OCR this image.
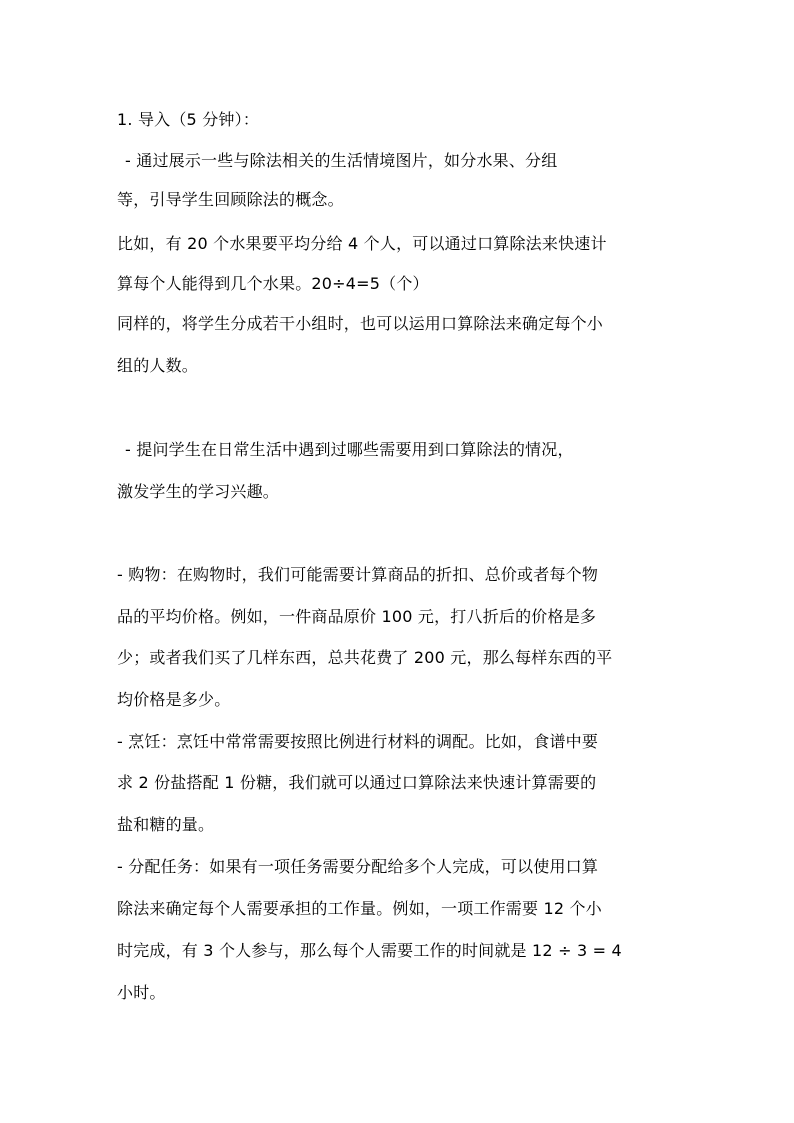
1. 导入（5 分钟）：
- 通过展示一些与除法相关的生活情境图片，如分水果、分组
等，引导学生回顾除法的概念。
比如，有 20 个水果要平均分给 4 个人，可以通过口算除法来快速计
算每个人能得到几个水果。20÷4=5（个）
同样的，将学生分成若干小组时，也可以运用口算除法来确定每个小
组的人数。
- 提问学生在日常生活中遇到过哪些需要用到口算除法的情况，
激发学生的学习兴趣。
- 购物：在购物时，我们可能需要计算商品的折扣、总价或者每个物
品的平均价格。例如，一件商品原价 100 元，打八折后的价格是多
少；或者我们买了几样东西，总共花费了 200 元，那么每样东西的平
均价格是多少。
- 烹饪：烹饪中常常需要按照比例进行材料的调配。比如，食谱中要
求 2 份盐搭配 1 份糖，我们就可以通过口算除法来快速计算需要的
盐和糖的量。
- 分配任务：如果有一项任务需要分配给多个人完成，可以使用口算
除法来确定每个人需要承担的工作量。例如，一项工作需要 12 个小
时完成，有 3 个人参与，那么每个人需要工作的时间就是 12 ÷ 3 = 4
小时。
